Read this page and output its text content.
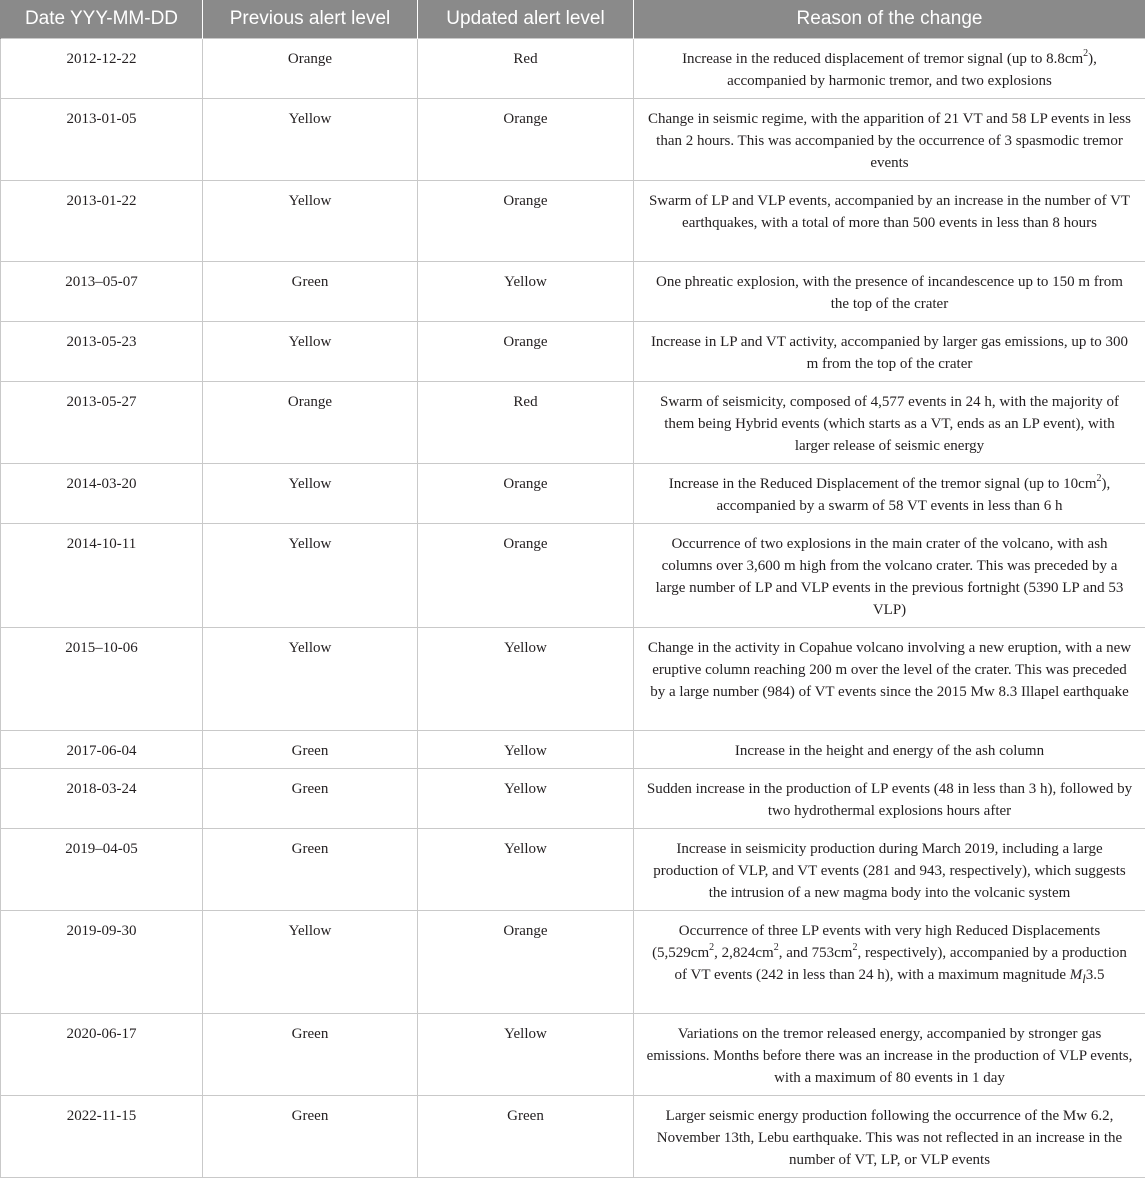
Date YYY-MM-DD	Previous alert level	Updated alert level	Reason of the change
2012-12-22	Orange	Red	Increase in the reduced displacement of tremor signal (up to $8.8cm^2$), accompanied by harmonic tremor, and two explosions
2013-01-05	Yellow	Orange	Change in seismic regime, with the apparition of 21 VT and 58 LP events in less than 2 hours. This was accompanied by the occurrence of 3 spasmodic tremor events
2013-01-22	Yellow	Orange	Swarm of LP and VLP events, accompanied by an increase in the number of VT earthquakes, with a total of more than 500 events in less than 8 hours
2013–05-07	Green	Yellow	One phreatic explosion, with the presence of incandescence up to 150 m from the top of the crater
2013-05-23	Yellow	Orange	Increase in LP and VT activity, accompanied by larger gas emissions, up to 300 m from the top of the crater
2013-05-27	Orange	Red	Swarm of seismicity, composed of 4,577 events in 24 h, with the majority of them being Hybrid events (which starts as a VT, ends as an LP event), with larger release of seismic energy
2014-03-20	Yellow	Orange	Increase in the Reduced Displacement of the tremor signal (up to $10cm^2$), accompanied by a swarm of 58 VT events in less than 6 h
2014-10-11	Yellow	Orange	Occurrence of two explosions in the main crater of the volcano, with ash columns over 3,600 m high from the volcano crater. This was preceded by a large number of LP and VLP events in the previous fortnight (5390 LP and 53 VLP)
2015–10-06	Yellow	Yellow	Change in the activity in Copahue volcano involving a new eruption, with a new eruptive column reaching 200 m over the level of the crater. This was preceded by a large number (984) of VT events since the 2015 Mw 8.3 Illapel earthquake
2017-06-04	Green	Yellow	Increase in the height and energy of the ash column
2018-03-24	Green	Yellow	Sudden increase in the production of LP events (48 in less than 3 h), followed by two hydrothermal explosions hours after
2019–04-05	Green	Yellow	Increase in seismicity production during March 2019, including a large production of VLP, and VT events (281 and 943, respectively), which suggests the intrusion of a new magma body into the volcanic system
2019-09-30	Yellow	Orange	Occurrence of three LP events with very high Reduced Displacements ($5,529cm^2$, $2,824cm^2$, and $753cm^2$, respectively), accompanied by a production of VT events (242 in less than 24 h), with a maximum magnitude $M_l3.5$
2020-06-17	Green	Yellow	Variations on the tremor released energy, accompanied by stronger gas emissions. Months before there was an increase in the production of VLP events, with a maximum of 80 events in 1 day
2022-11-15	Green	Green	Larger seismic energy production following the occurrence of the Mw 6.2, November 13th, Lebu earthquake. This was not reflected in an increase in the number of VT, LP, or VLP events
